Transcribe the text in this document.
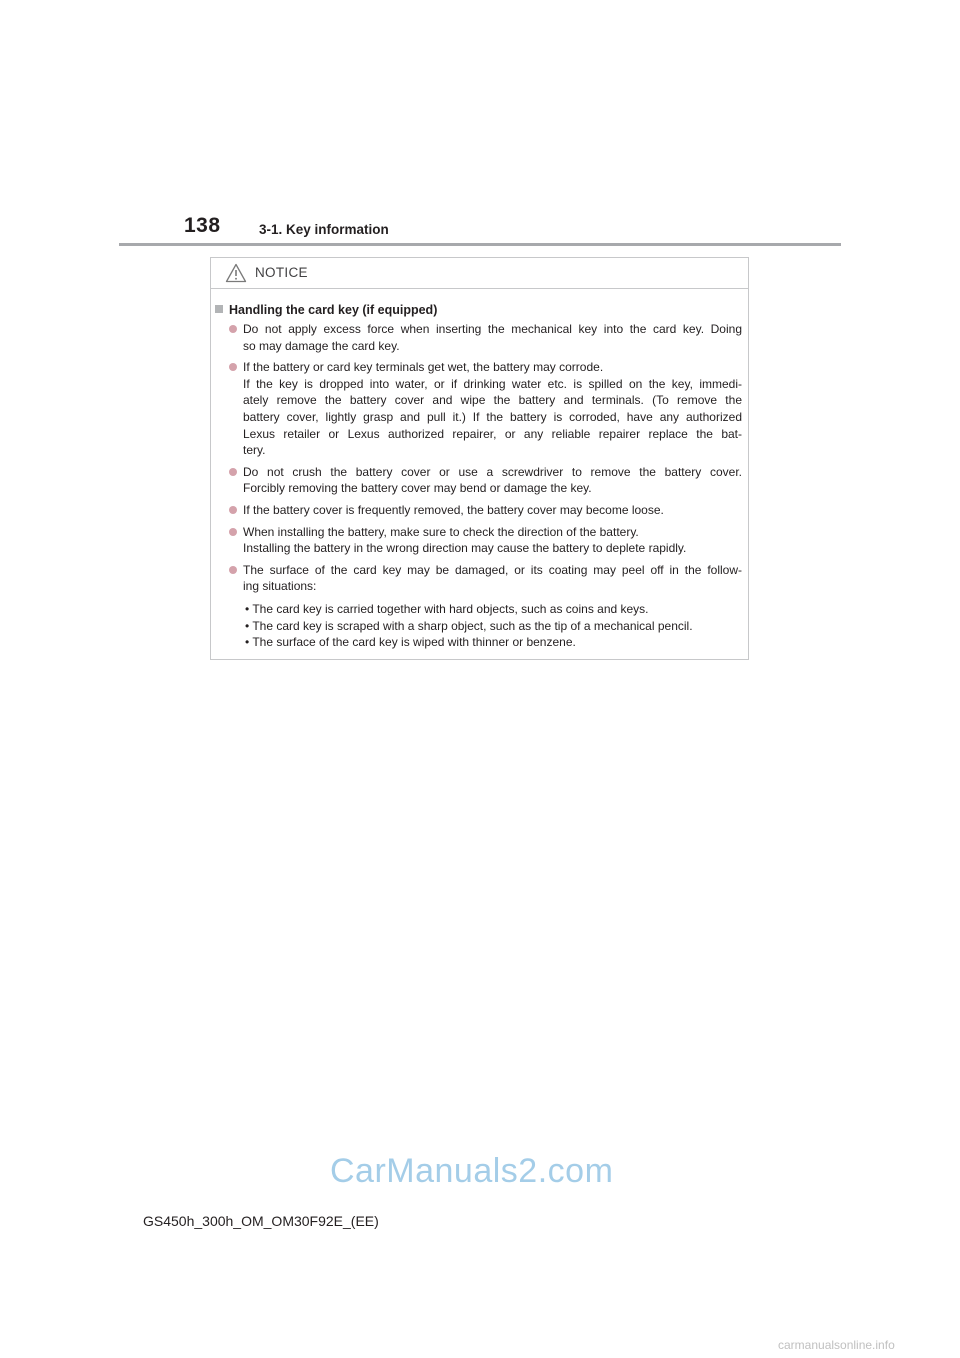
138	3-1. Key information
NOTICE
Handling the card key (if equipped)
Do not apply excess force when inserting the mechanical key into the card key. Doing
so may damage the card key.
If the battery or card key terminals get wet, the battery may corrode.
If the key is dropped into water, or if drinking water etc. is spilled on the key, immedi-
ately remove the battery cover and wipe the battery and terminals. (To remove the
battery cover, lightly grasp and pull it.) If the battery is corroded, have any authorized
Lexus retailer or Lexus authorized repairer, or any reliable repairer replace the bat-
tery.
Do not crush the battery cover or use a screwdriver to remove the battery cover.
Forcibly removing the battery cover may bend or damage the key.
If the battery cover is frequently removed, the battery cover may become loose.
When installing the battery, make sure to check the direction of the battery.
Installing the battery in the wrong direction may cause the battery to deplete rapidly.
The surface of the card key may be damaged, or its coating may peel off in the follow-
ing situations:
• The card key is carried together with hard objects, such as coins and keys.
• The card key is scraped with a sharp object, such as the tip of a mechanical pencil.
• The surface of the card key is wiped with thinner or benzene.
CarManuals2.com
GS450h_300h_OM_OM30F92E_(EE)
carmanualsonline.info
